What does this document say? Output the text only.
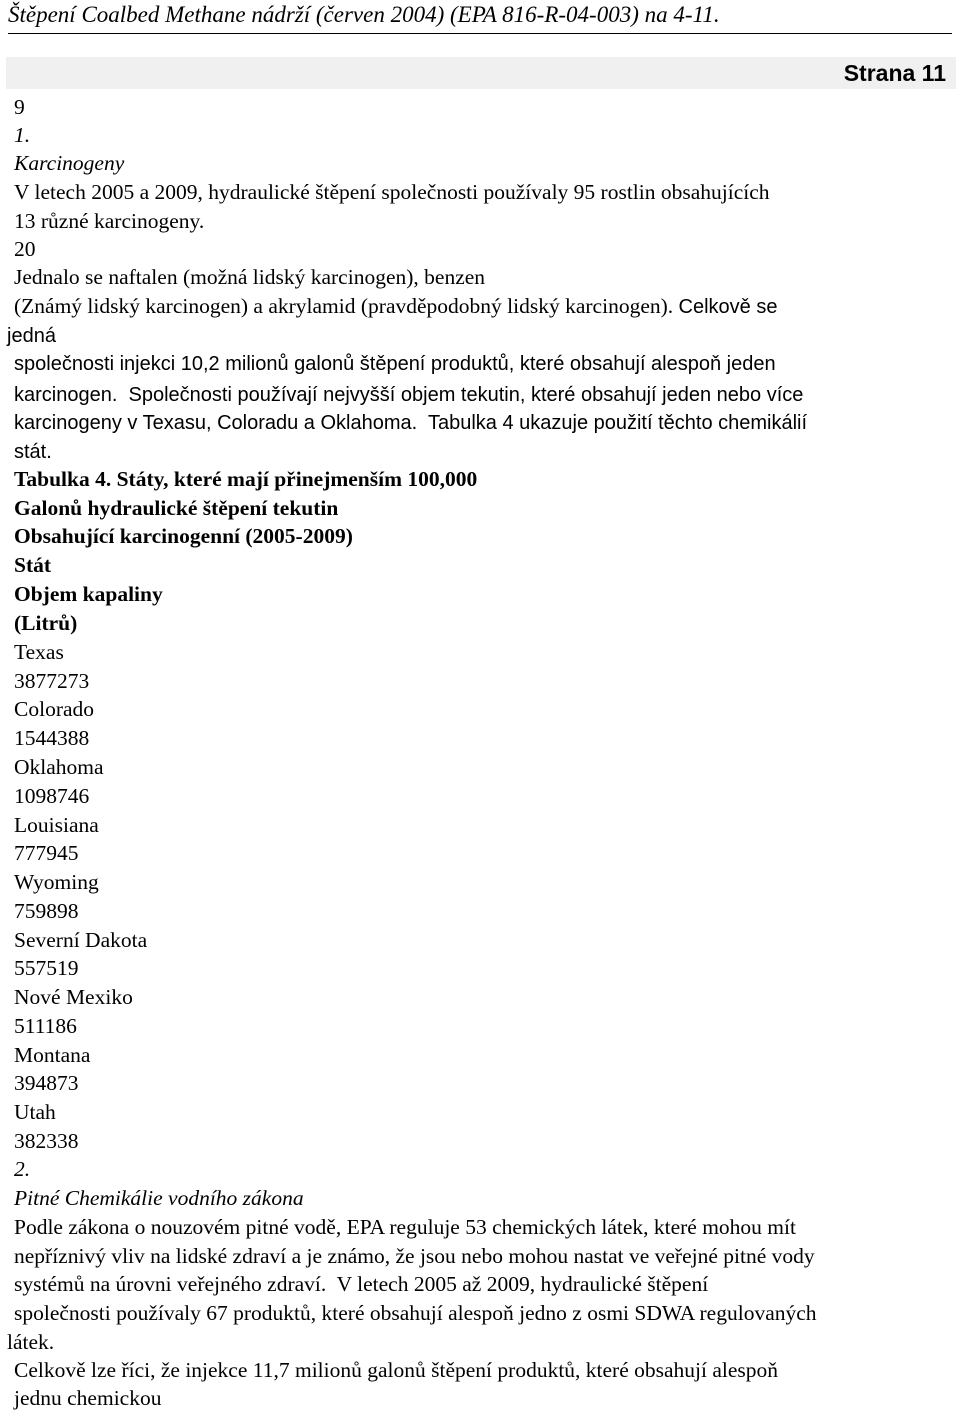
Štěpení Coalbed Methane nádrží (červen 2004) (EPA 816-R-04-003) na 4-11.
Strana 11
9
1.
Karcinogeny
V letech 2005 a 2009, hydraulické štěpení společnosti používaly 95 rostlin obsahujících
13 různé karcinogeny.
20
Jednalo se naftalen (možná lidský karcinogen), benzen
(Známý lidský karcinogen) a akrylamid (pravděpodobný lidský karcinogen). Celkově se
jedná
společnosti injekci 10,2 milionů galonů štěpení produktů, které obsahují alespoň jeden
karcinogen. Společnosti používají nejvyšší objem tekutin, které obsahují jeden nebo více
karcinogeny v Texasu, Coloradu a Oklahoma. Tabulka 4 ukazuje použití těchto chemikálií
stát.
Tabulka 4. Státy, které mají přinejmenším 100,000
Galonů hydraulické štěpení tekutin
Obsahující karcinogenní (2005-2009)
Stát
Objem kapaliny
(Litrů)
Texas
3877273
Colorado
1544388
Oklahoma
1098746
Louisiana
777945
Wyoming
759898
Severní Dakota
557519
Nové Mexiko
511186
Montana
394873
Utah
382338
2.
Pitné Chemikálie vodního zákona
Podle zákona o nouzovém pitné vodě, EPA reguluje 53 chemických látek, které mohou mít
nepříznivý vliv na lidské zdraví a je známo, že jsou nebo mohou nastat ve veřejné pitné vody
systémů na úrovni veřejného zdraví. V letech 2005 až 2009, hydraulické štěpení
společnosti používaly 67 produktů, které obsahují alespoň jedno z osmi SDWA regulovaných
látek.
Celkově lze říci, že injekce 11,7 milionů galonů štěpení produktů, které obsahují alespoň
jednu chemickou
